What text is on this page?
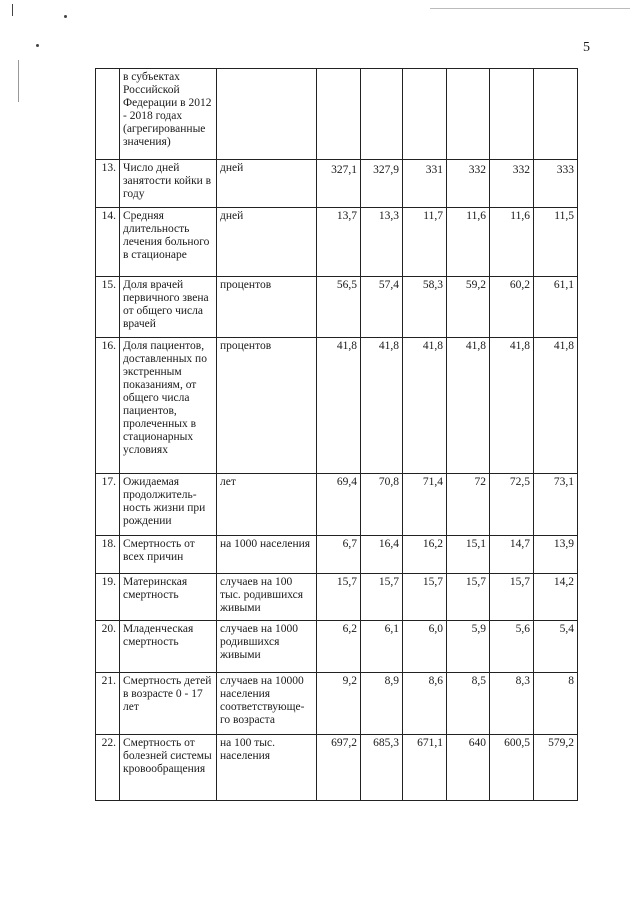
5
	в субъектах Российской Федерации в 2012 - 2018 годах (агрегированные значения)							
13.	Число дней занятости койки в году	дней	327,1	327,9	331	332	332	333
14.	Средняя длительность лечения больного в стационаре	дней	13,7	13,3	11,7	11,6	11,6	11,5
15.	Доля врачей первичного звена от общего числа врачей	процентов	56,5	57,4	58,3	59,2	60,2	61,1
16.	Доля пациентов, доставленных по экстренным показаниям, от общего числа пациентов, пролеченных в стационарных условиях	процентов	41,8	41,8	41,8	41,8	41,8	41,8
17.	Ожидаемая продолжитель-ность жизни при рождении	лет	69,4	70,8	71,4	72	72,5	73,1
18.	Смертность от всех причин	на 1000 населения	6,7	16,4	16,2	15,1	14,7	13,9
19.	Материнская смертность	случаев на 100 тыс. родившихся живыми	15,7	15,7	15,7	15,7	15,7	14,2
20.	Младенческая смертность	случаев на 1000 родившихся живыми	6,2	6,1	6,0	5,9	5,6	5,4
21.	Смертность детей в возрасте 0 - 17 лет	случаев на 10000 населения соответствующе-го возраста	9,2	8,9	8,6	8,5	8,3	8
22.	Смертность от болезней системы кровообращения	на 100 тыс. населения	697,2	685,3	671,1	640	600,5	579,2
